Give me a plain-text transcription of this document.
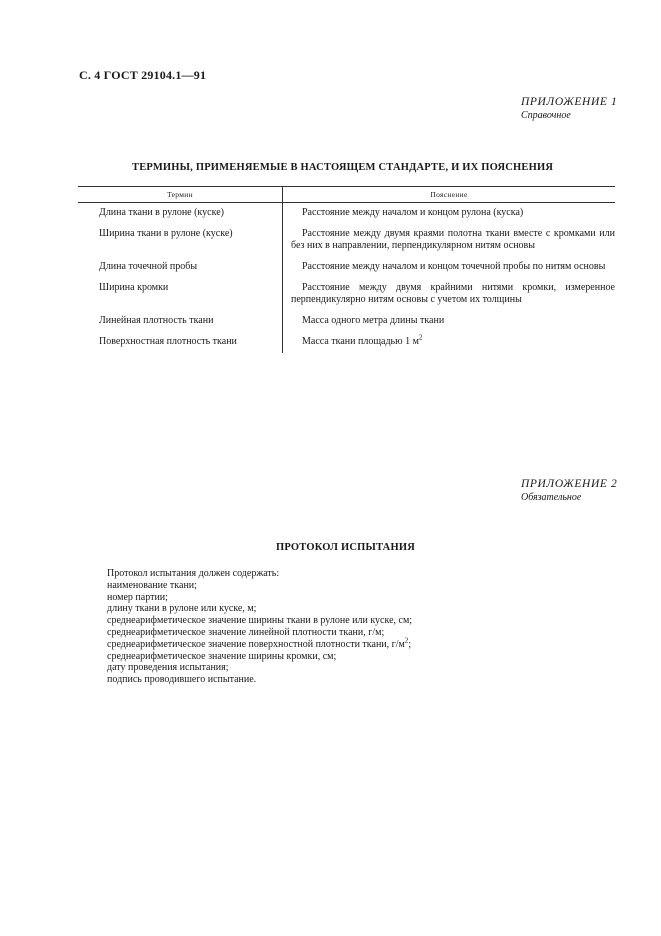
С. 4 ГОСТ 29104.1—91
ПРИЛОЖЕНИЕ 1
Справочное
ТЕРМИНЫ, ПРИМЕНЯЕМЫЕ В НАСТОЯЩЕМ СТАНДАРТЕ, И ИХ ПОЯСНЕНИЯ
Термин	Пояснение
Длина ткани в рулоне (куске)	Расстояние между началом и концом рулона (куска)

Ширина ткани в рулоне (куске)	Расстояние между двумя краями полотна ткани вместе с кромками или без них в направлении, перпендикулярном нитям основы

Длина точечной пробы	Расстояние между началом и концом точечной пробы по нитям основы

Ширина кромки	Расстояние между двумя крайними нитями кромки, измеренное перпендикулярно нитям основы с учетом их толщины

Линейная плотность ткани	Масса одного метра длины ткани

Поверхностная плотность ткани	Масса ткани площадью 1 $м^2$
ПРИЛОЖЕНИЕ 2
Обязательное
ПРОТОКОЛ ИСПЫТАНИЯ

Протокол испытания должен содержать:

наименование ткани;
номер партии;
длину ткани в рулоне или куске, м;
среднеарифметическое значение ширины ткани в рулоне или куске, см;
среднеарифметическое значение линейной плотности ткани, г/м;
среднеарифметическое значение поверхностной плотности ткани, $г/м^2$;
среднеарифметическое значение ширины кромки, см;
дату проведения испытания;
подпись проводившего испытание.
